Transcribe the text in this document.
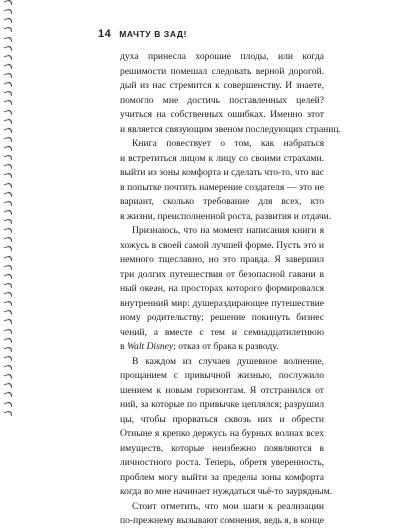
14 МАЧТУ В ЗАД!
духа принесла хорошие плоды, или когда
решимости помешал следовать верной дорогой.
дый из нас стремится к совершенству. И знаете,
помогло мне достичь поставленных целей?
учиться на собственных ошибках. Именно этот
и является связующим звеном последующих страниц.
Книга повествует о том, как набраться
и встретиться лицом к лицу со своими страхами.
выйти из зоны комфорта и сделать что-то, что вас
в попытке почтить намерение создателя — это не
вариант, сколько требование для всех, кто
в жизни, преисполненной роста, развития и отдачи.
Признаюсь, что на момент написания книги я
хожусь в своей самой лучшей форме. Пусть это и
немного тщеславно, но это правда. Я завершил
три долгих путешествия от безопасной гавани в
ный океан, на просторах которого формировался
внутренний мир: душераздирающее путешествие
ному родительству; решение покинуть бизнес
чений, а вместе с тем и семнадцатилетнюю
в Walt Disney; отказ от брака к разводу.
В каждом из случаев душевное волнение,
прощанием с привычной жизнью, послужило
шением к новым горизонтам. Я отстранился от
ний, за которые по привычке цеплялся; разрушил
цы, чтобы прорваться сквозь них и обрести
Отныне я крепко держусь на бурных волнах всех
имуществ, которые неизбежно появляются в
личностного роста. Теперь, обретя уверенность,
проблем могу выйти за пределы зоны комфорта
когда во мне начинает нуждаться чьё-то заурядным.
Стоит отметить, что мои шаги к реализации
по-прежнему вызывают сомнения, ведь я, в конце
